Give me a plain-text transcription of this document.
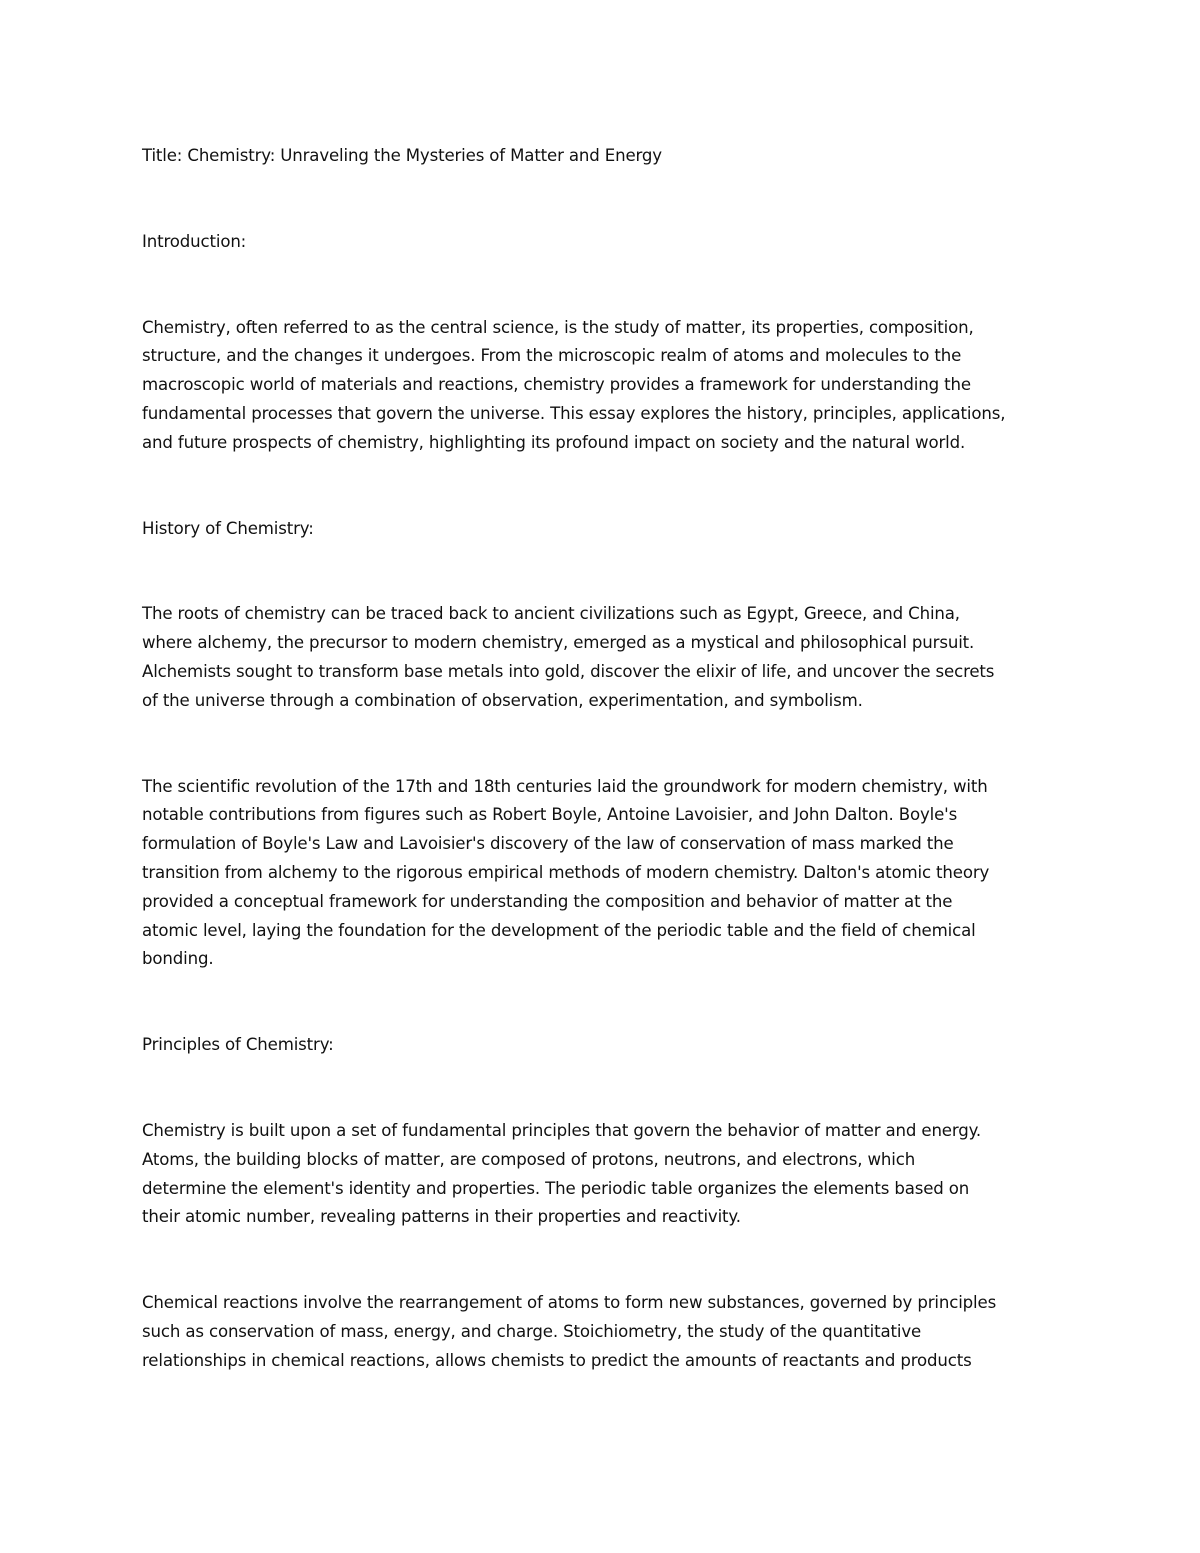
Title: Chemistry: Unraveling the Mysteries of Matter and Energy

Introduction:

Chemistry, often referred to as the central science, is the study of matter, its properties, composition,
structure, and the changes it undergoes. From the microscopic realm of atoms and molecules to the
macroscopic world of materials and reactions, chemistry provides a framework for understanding the
fundamental processes that govern the universe. This essay explores the history, principles, applications,
and future prospects of chemistry, highlighting its profound impact on society and the natural world.

History of Chemistry:

The roots of chemistry can be traced back to ancient civilizations such as Egypt, Greece, and China,
where alchemy, the precursor to modern chemistry, emerged as a mystical and philosophical pursuit.
Alchemists sought to transform base metals into gold, discover the elixir of life, and uncover the secrets
of the universe through a combination of observation, experimentation, and symbolism.

The scientific revolution of the 17th and 18th centuries laid the groundwork for modern chemistry, with
notable contributions from figures such as Robert Boyle, Antoine Lavoisier, and John Dalton. Boyle's
formulation of Boyle's Law and Lavoisier's discovery of the law of conservation of mass marked the
transition from alchemy to the rigorous empirical methods of modern chemistry. Dalton's atomic theory
provided a conceptual framework for understanding the composition and behavior of matter at the
atomic level, laying the foundation for the development of the periodic table and the field of chemical
bonding.

Principles of Chemistry:

Chemistry is built upon a set of fundamental principles that govern the behavior of matter and energy.
Atoms, the building blocks of matter, are composed of protons, neutrons, and electrons, which
determine the element's identity and properties. The periodic table organizes the elements based on
their atomic number, revealing patterns in their properties and reactivity.

Chemical reactions involve the rearrangement of atoms to form new substances, governed by principles
such as conservation of mass, energy, and charge. Stoichiometry, the study of the quantitative
relationships in chemical reactions, allows chemists to predict the amounts of reactants and products
